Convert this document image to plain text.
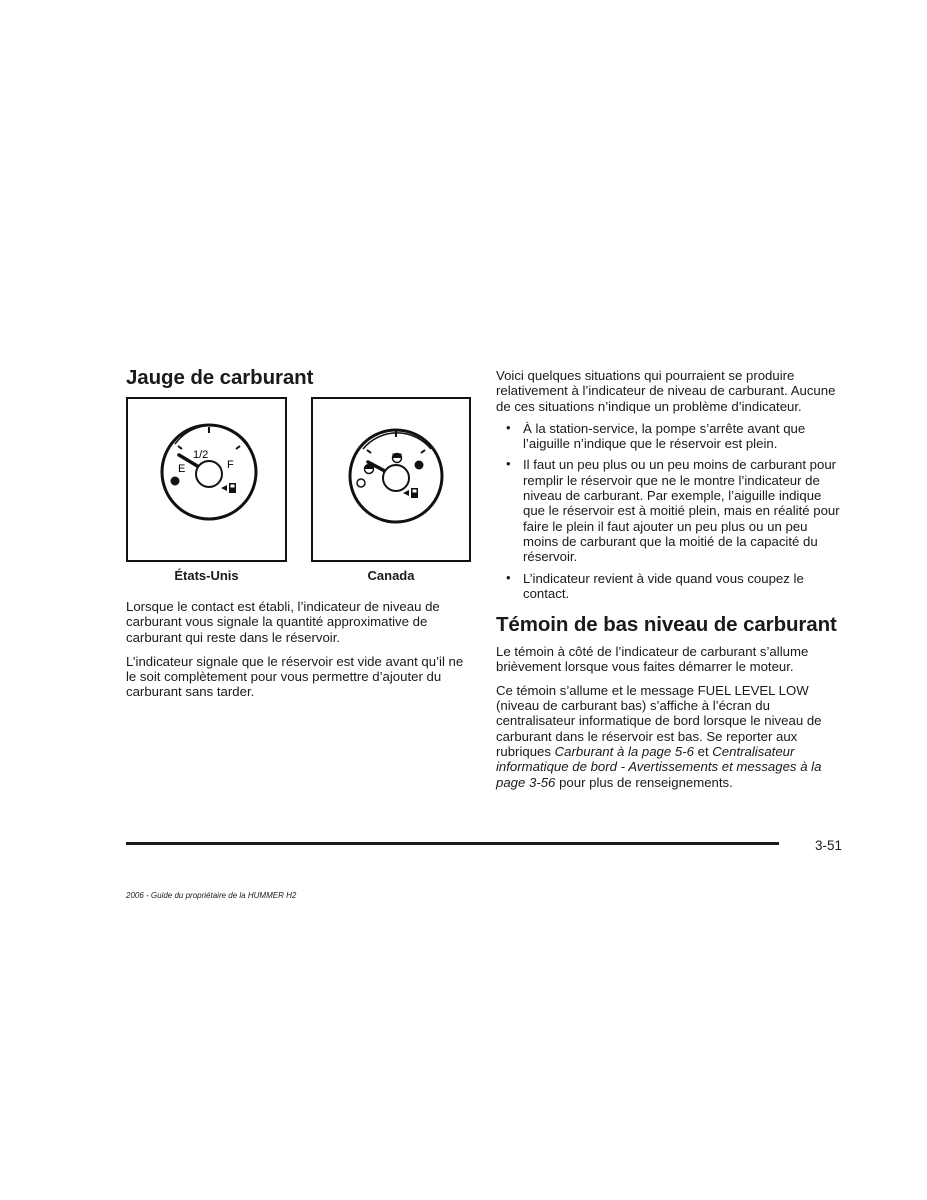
Jauge de carburant
1/2
E	F
États-Unis	Canada

Lorsque le contact est établi, l’indicateur de niveau de carburant vous signale la quantité approximative de carburant qui reste dans le réservoir.

L’indicateur signale que le réservoir est vide avant qu’il ne le soit complètement pour vous permettre d’ajouter du carburant sans tarder.

Voici quelques situations qui pourraient se produire relativement à l’indicateur de niveau de carburant. Aucune de ces situations n’indique un problème d’indicateur.

• À la station-service, la pompe s’arrête avant que l’aiguille n’indique que le réservoir est plein.
• Il faut un peu plus ou un peu moins de carburant pour remplir le réservoir que ne le montre l’indicateur de niveau de carburant. Par exemple, l’aiguille indique que le réservoir est à moitié plein, mais en réalité pour faire le plein il faut ajouter un peu plus ou un peu moins de carburant que la moitié de la capacité du réservoir.
• L’indicateur revient à vide quand vous coupez le contact.
Témoin de bas niveau de carburant

Le témoin à côté de l’indicateur de carburant s’allume brièvement lorsque vous faites démarrer le moteur.

Ce témoin s’allume et le message FUEL LEVEL LOW (niveau de carburant bas) s’affiche à l’écran du centralisateur informatique de bord lorsque le niveau de carburant dans le réservoir est bas. Se reporter aux rubriques Carburant à la page 5-6 et Centralisateur informatique de bord - Avertissements et messages à la page 3-56 pour plus de renseignements.

3-51
2006 - Guide du propriétaire de la HUMMER H2
